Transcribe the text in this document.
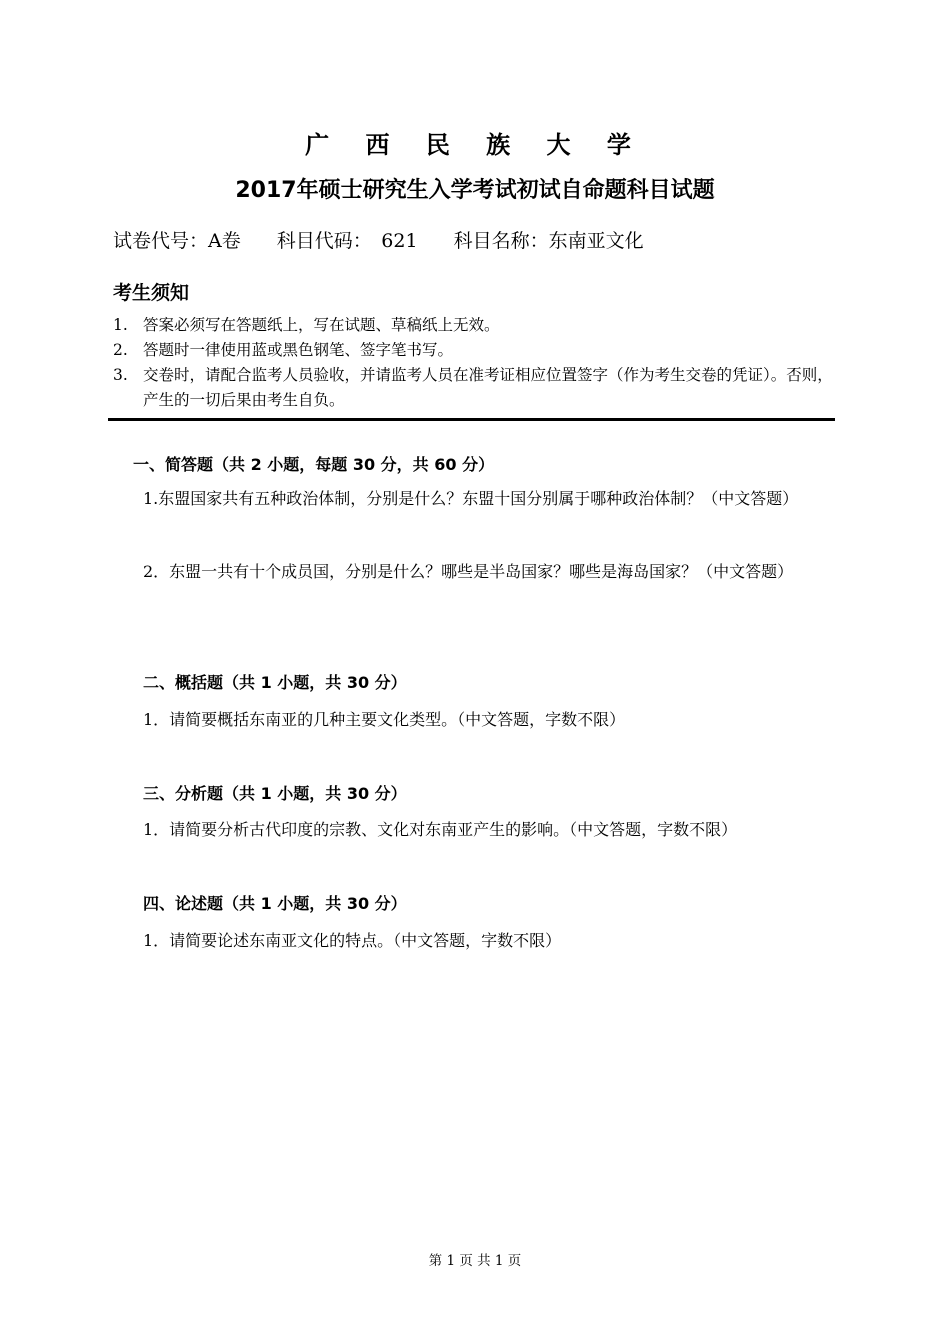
广 西 民 族 大 学
2017年硕士研究生入学考试初试自命题科目试题
试卷代号：A卷 科目代码：　621 科目名称：东南亚文化
考生须知
1. 答案必须写在答题纸上，写在试题、草稿纸上无效。
2. 答题时一律使用蓝或黑色钢笔、签字笔书写。
3. 交卷时，请配合监考人员验收，并请监考人员在准考证相应位置签字（作为考生交卷的凭证）。否则，产生的一切后果由考生自负。
一、简答题（共 2 小题，每题 30 分，共 60 分）
1.东盟国家共有五种政治体制，分别是什么？东盟十国分别属于哪种政治体制？（中文答题）
2．东盟一共有十个成员国，分别是什么？哪些是半岛国家？哪些是海岛国家？（中文答题）
二、概括题（共 1 小题，共 30 分）
1．请简要概括东南亚的几种主要文化类型。（中文答题，字数不限）
三、分析题（共 1 小题，共 30 分）
1．请简要分析古代印度的宗教、文化对东南亚产生的影响。（中文答题，字数不限）
四、论述题（共 1 小题，共 30 分）
1．请简要论述东南亚文化的特点。（中文答题，字数不限）
第 1 页 共 1 页
